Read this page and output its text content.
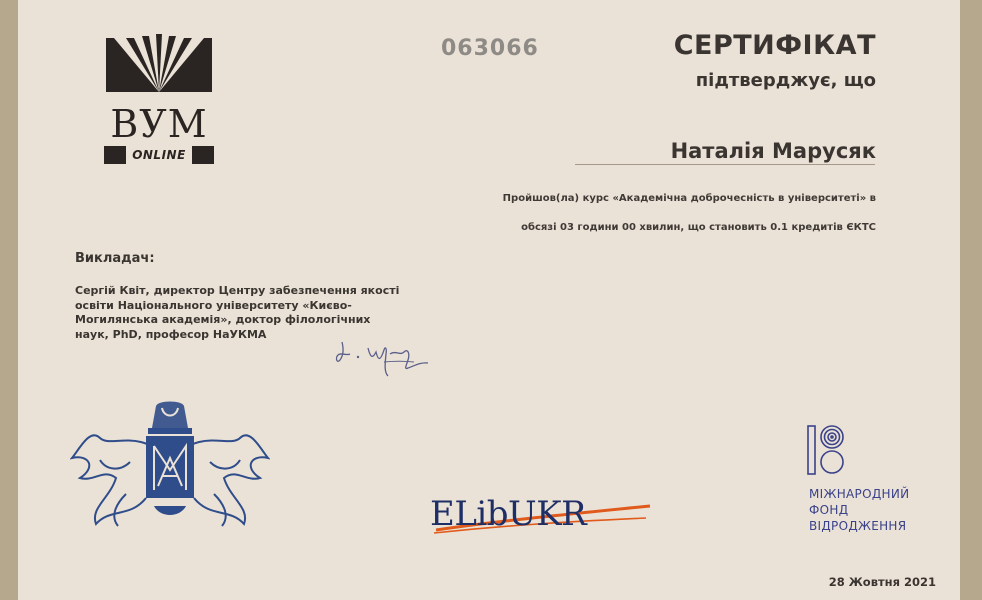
ВУМ
ONLINE
063066	СЕРТИФІКАТ
підтверджує, що
Наталія Марусяк
Пройшов(ла) курс «Академічна доброчесність в університеті» в
обсязі 03 години 00 хвилин, що становить 0.1 кредитів ЄКТС
Викладач:
Сергій Квіт, директор Центру забезпечення якості
освіти Національного університету «Києво-
Могилянська академія», доктор філологічних
наук, PhD, професор НаУКМА
ELibUKR	МІЖНАРОДНИЙ
ФОНД
ВІДРОДЖЕННЯ
28 Жовтня 2021
